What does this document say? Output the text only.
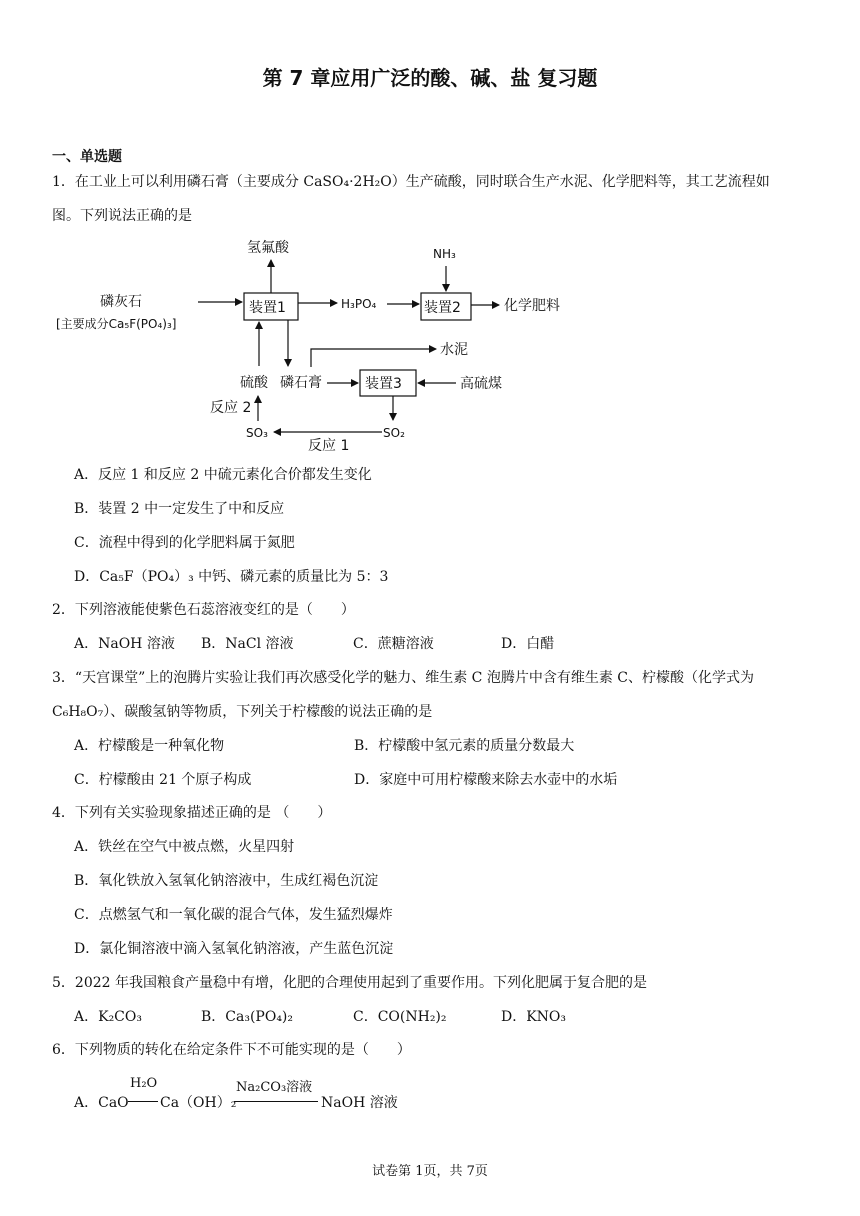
第 7 章应用广泛的酸、碱、盐 复习题
一、单选题
1．在工业上可以利用磷石膏（主要成分 CaSO₄·2H₂O）生产硫酸，同时联合生产水泥、化学肥料等，其工艺流程如
图。下列说法正确的是
氢氟酸	NH₃
磷灰石
[主要成分Ca₅F(PO₄)₃]
装置1	H₃PO₄	装置2	化学肥料
水泥
硫酸 磷石膏	装置3	高硫煤
反应 2
SO₃
反应 1
SO₂
A．反应 1 和反应 2 中硫元素化合价都发生变化
B．装置 2 中一定发生了中和反应
C．流程中得到的化学肥料属于氮肥
D．Ca₅F（PO₄）₃ 中钙、磷元素的质量比为 5：3
2．下列溶液能使紫色石蕊溶液变红的是（　　）
A．NaOH 溶液 B．NaCl 溶液	C．蔗糖溶液	D．白醋
3．“天宫课堂”上的泡腾片实验让我们再次感受化学的魅力、维生素 C 泡腾片中含有维生素 C、柠檬酸（化学式为
C₆H₈O₇）、碳酸氢钠等物质，下列关于柠檬酸的说法正确的是
A．柠檬酸是一种氧化物	B．柠檬酸中氢元素的质量分数最大
C．柠檬酸由 21 个原子构成	D．家庭中可用柠檬酸来除去水壶中的水垢
4．下列有关实验现象描述正确的是 （　　）
A．铁丝在空气中被点燃，火星四射
B．氧化铁放入氢氧化钠溶液中，生成红褐色沉淀
C．点燃氢气和一氧化碳的混合气体，发生猛烈爆炸
D．氯化铜溶液中滴入氢氧化钠溶液，产生蓝色沉淀
5．2022 年我国粮食产量稳中有增，化肥的合理使用起到了重要作用。下列化肥属于复合肥的是
A．K₂CO₃	B．Ca₃(PO₄)₂	C．CO(NH₂)₂	D．KNO₃
6．下列物质的转化在给定条件下不可能实现的是（　　）
A．CaO
H₂O
Ca（OH）₂
Na₂CO₃溶液
NaOH 溶液
试卷第 1页，共 7页
